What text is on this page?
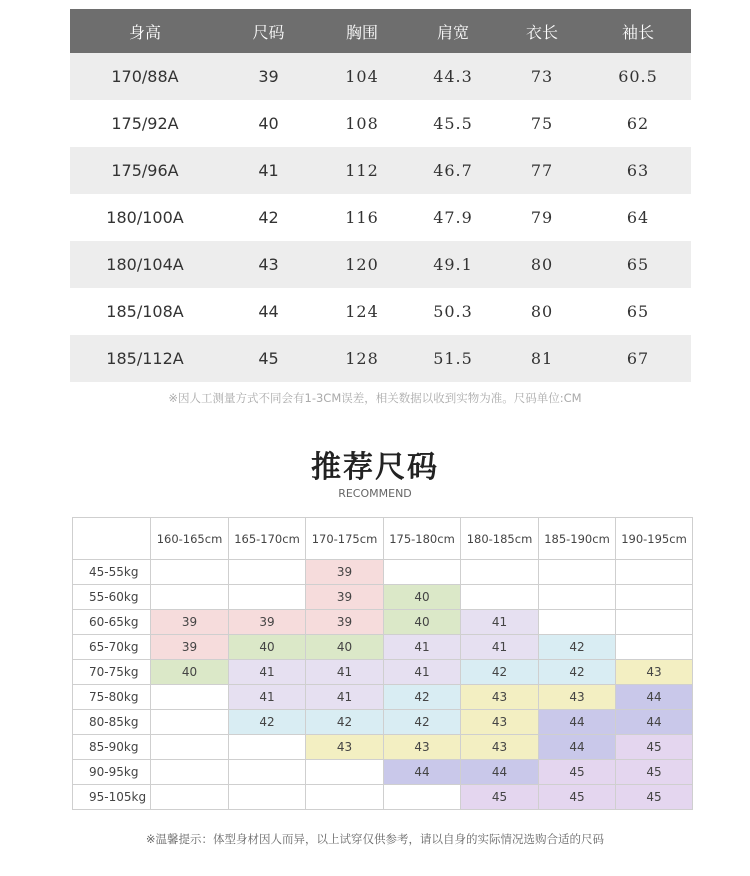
身高	尺码	胸围	肩宽	衣长	袖长
170/88A	39	104	44.3	73	60.5
175/92A	40	108	45.5	75	62
175/96A	41	112	46.7	77	63
180/100A	42	116	47.9	79	64
180/104A	43	120	49.1	80	65
185/108A	44	124	50.3	80	65
185/112A	45	128	51.5	81	67
※因人工测量方式不同会有1-3CM误差，相关数据以收到实物为准。尺码单位:CM
推荐尺码
RECOMMEND
	160-165cm	165-170cm	170-175cm	175-180cm	180-185cm	185-190cm	190-195cm
45-55kg			39				
55-60kg			39	40			
60-65kg	39	39	39	40	41		
65-70kg	39	40	40	41	41	42	
70-75kg	40	41	41	41	42	42	43
75-80kg		41	41	42	43	43	44
80-85kg		42	42	42	43	44	44
85-90kg			43	43	43	44	45
90-95kg				44	44	45	45
95-105kg					45	45	45
※温馨提示：体型身材因人而异，以上试穿仅供参考，请以自身的实际情况选购合适的尺码
